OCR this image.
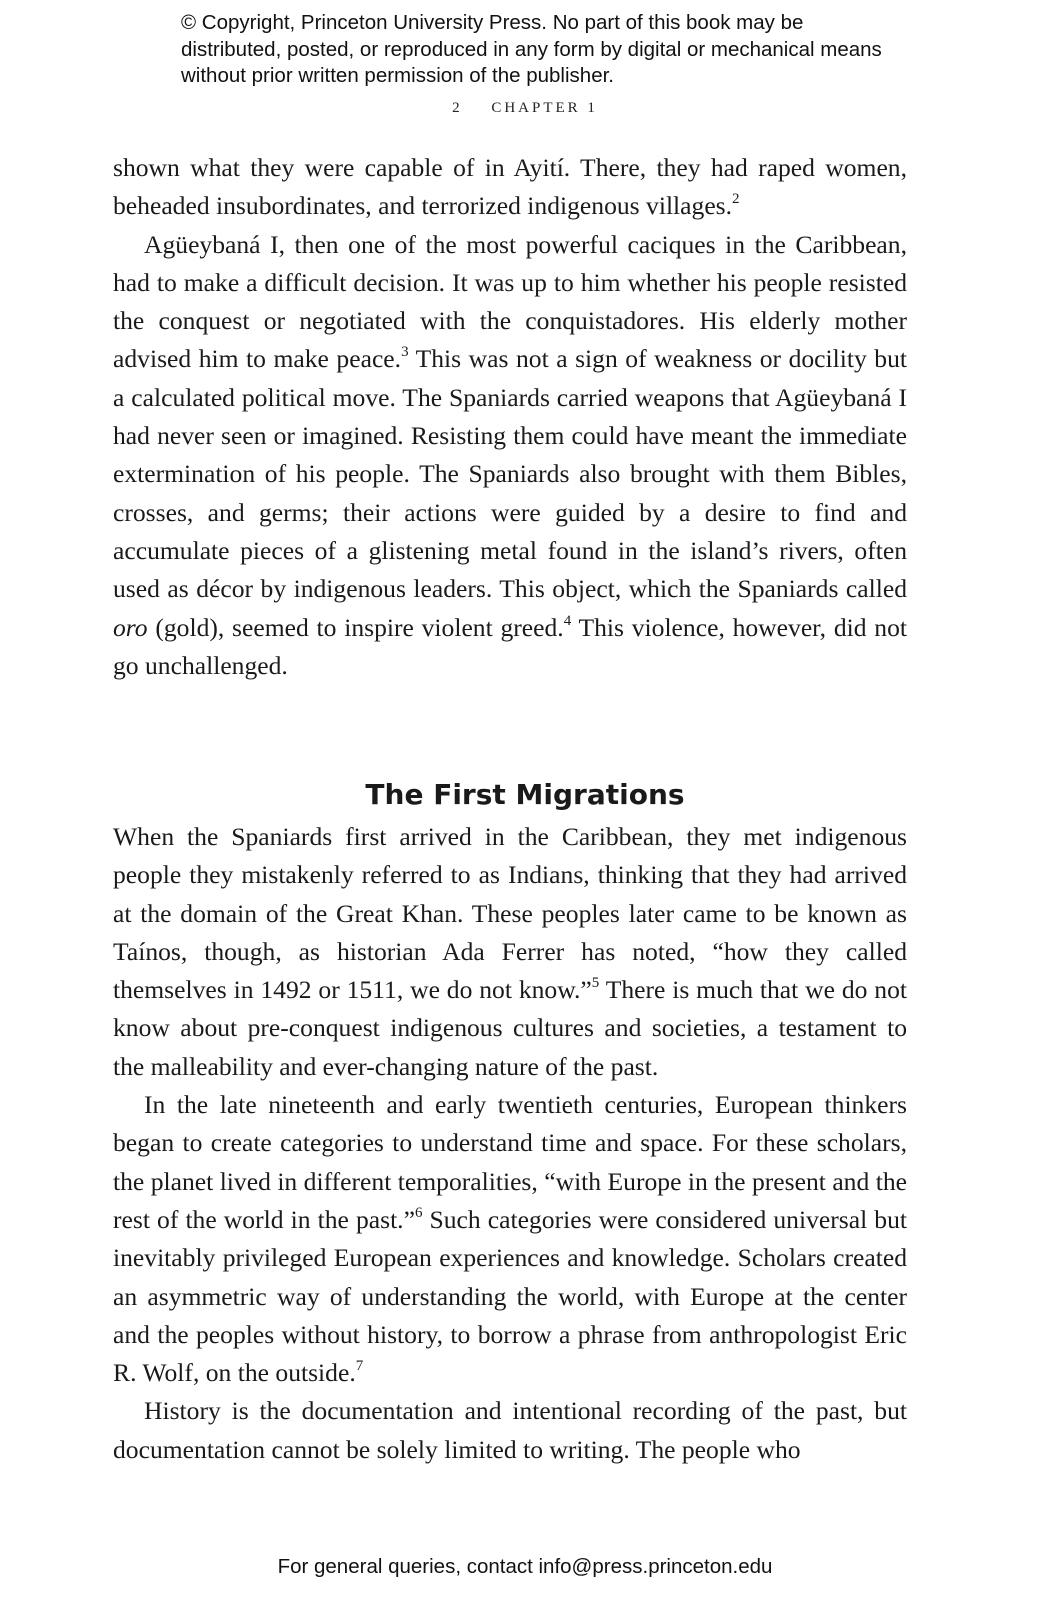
© Copyright, Princeton University Press. No part of this book may be distributed, posted, or reproduced in any form by digital or mechanical means without prior written permission of the publisher.
2 CHAPTER 1

shown what they were capable of in Ayití. There, they had raped women, beheaded insubordinates, and terrorized indigenous villages.$^2$

Agüeybaná I, then one of the most powerful caciques in the Caribbean, had to make a difficult decision. It was up to him whether his people resisted the conquest or negotiated with the conquistadores. His elderly mother advised him to make peace.$^3$ This was not a sign of weakness or docility but a calculated political move. The Spaniards carried weapons that Agüeybaná I had never seen or imagined. Resisting them could have meant the immediate extermination of his people. The Spaniards also brought with them Bibles, crosses, and germs; their actions were guided by a desire to find and accumulate pieces of a glistening metal found in the island’s rivers, often used as décor by indigenous leaders. This object, which the Spaniards called oro (gold), seemed to inspire violent greed.$^4$ This violence, however, did not go unchallenged.

The First Migrations

When the Spaniards first arrived in the Caribbean, they met indigenous people they mistakenly referred to as Indians, thinking that they had arrived at the domain of the Great Khan. These peoples later came to be known as Taínos, though, as historian Ada Ferrer has noted, “how they called themselves in 1492 or 1511, we do not know.”$^5$ There is much that we do not know about pre-conquest indigenous cultures and societies, a testament to the malleability and ever-changing nature of the past.

In the late nineteenth and early twentieth centuries, European thinkers began to create categories to understand time and space. For these scholars, the planet lived in different temporalities, “with Europe in the present and the rest of the world in the past.”$^6$ Such categories were considered universal but inevitably privileged European experiences and knowledge. Scholars created an asymmetric way of understanding the world, with Europe at the center and the peoples without history, to borrow a phrase from anthropologist Eric R. Wolf, on the outside.$^7$

History is the documentation and intentional recording of the past, but documentation cannot be solely limited to writing. The people who

For general queries, contact info@press.princeton.edu
